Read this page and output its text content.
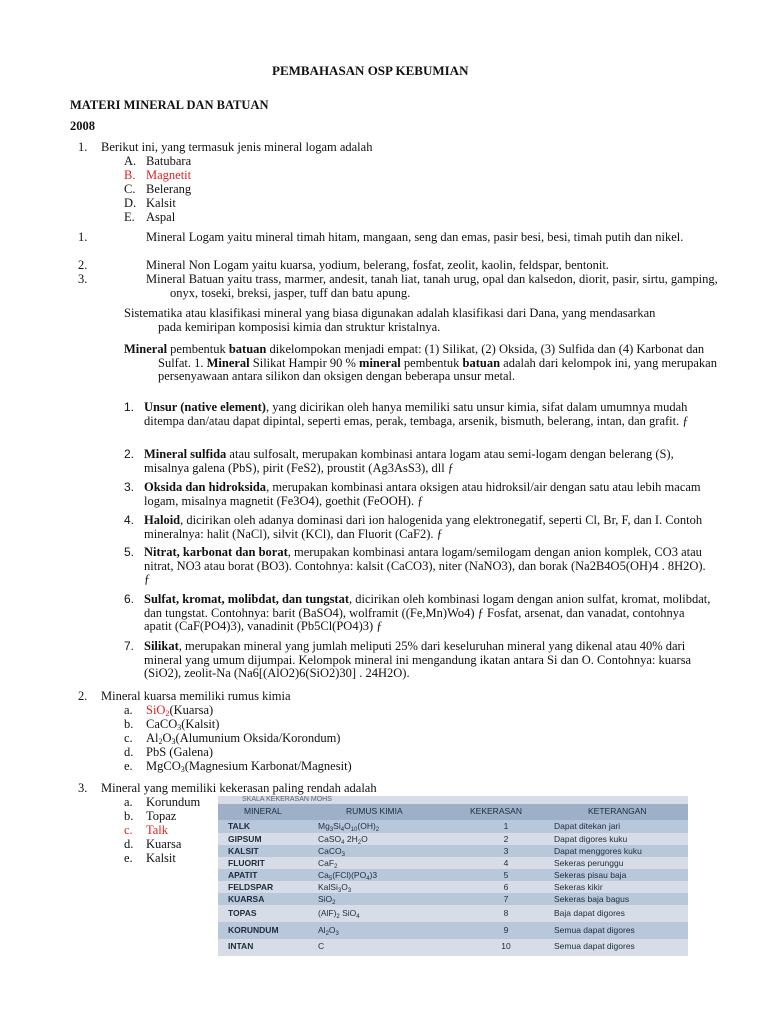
PEMBAHASAN OSP KEBUMIAN
MATERI MINERAL DAN BATUAN
2008
1. Berikut ini, yang termasuk jenis mineral logam adalah
A. Batubara
B. Magnetit
C. Belerang
D. Kalsit
E. Aspal
1.	Mineral Logam yaitu mineral timah hitam, mangaan, seng dan emas, pasir besi, besi, timah putih dan nikel.
2.	Mineral Non Logam yaitu kuarsa, yodium, belerang, fosfat, zeolit, kaolin, feldspar, bentonit.
3.	Mineral Batuan yaitu trass, marmer, andesit, tanah liat, tanah urug, opal dan kalsedon, diorit, pasir, sirtu, gamping, onyx, toseki, breksi, jasper, tuff dan batu apung.
Sistematika atau klasifikasi mineral yang biasa digunakan adalah klasifikasi dari Dana, yang mendasarkan pada kemiripan komposisi kimia dan struktur kristalnya.
Mineral pembentuk batuan dikelompokan menjadi empat: (1) Silikat, (2) Oksida, (3) Sulfida dan (4) Karbonat dan Sulfat. 1. Mineral Silikat Hampir 90 % mineral pembentuk batuan adalah dari kelompok ini, yang merupakan persenyawaan antara silikon dan oksigen dengan beberapa unsur metal.
1. Unsur (native element), yang dicirikan oleh hanya memiliki satu unsur kimia, sifat dalam umumnya mudah ditempa dan/atau dapat dipintal, seperti emas, perak, tembaga, arsenik, bismuth, belerang, intan, dan grafit. ƒ
2. Mineral sulfida atau sulfosalt, merupakan kombinasi antara logam atau semi-logam dengan belerang (S), misalnya galena (PbS), pirit (FeS2), proustit (Ag3AsS3), dll ƒ
3. Oksida dan hidroksida, merupakan kombinasi antara oksigen atau hidroksil/air dengan satu atau lebih macam logam, misalnya magnetit (Fe3O4), goethit (FeOOH). ƒ
4. Haloid, dicirikan oleh adanya dominasi dari ion halogenida yang elektronegatif, seperti Cl, Br, F, dan I. Contoh mineralnya: halit (NaCl), silvit (KCl), dan Fluorit (CaF2). ƒ
5. Nitrat, karbonat dan borat, merupakan kombinasi antara logam/semilogam dengan anion komplek, CO3 atau nitrat, NO3 atau borat (BO3). Contohnya: kalsit (CaCO3), niter (NaNO3), dan borak (Na2B4O5(OH)4 . 8H2O). ƒ
6. Sulfat, kromat, molibdat, dan tungstat, dicirikan oleh kombinasi logam dengan anion sulfat, kromat, molibdat, dan tungstat. Contohnya: barit (BaSO4), wolframit ((Fe,Mn)Wo4) ƒ Fosfat, arsenat, dan vanadat, contohnya apatit (CaF(PO4)3), vanadinit (Pb5Cl(PO4)3) ƒ
7. Silikat, merupakan mineral yang jumlah meliputi 25% dari keseluruhan mineral yang dikenal atau 40% dari mineral yang umum dijumpai. Kelompok mineral ini mengandung ikatan antara Si dan O. Contohnya: kuarsa (SiO2), zeolit-Na (Na6[(AlO2)6(SiO2)30] . 24H2O).
2. Mineral kuarsa memiliki rumus kimia
a. SiO$_2$(Kuarsa)
b. CaCO$_3$(Kalsit)
c. $Al_2O_3(Alumunium$ Oksida/Korondum)
d. PbS (Galena)
e. MgCO$_3$(Magnesium Karbonat/Magnesit)
3. Mineral yang memiliki kekerasan paling rendah adalah
a. Korundum
b. Topaz
c. Talk
d. Kuarsa
e. Kalsit
SKALA KEKERASAN MOHS
MINERAL	RUMUS KIMIA	KEKERASAN	KETERANGAN
TALK	$Mg_3Si_4O_{10}(OH)_2$	1	Dapat ditekan jari
GIPSUM	CaSO$_4$ $2H_2O$	2	Dapat digores kuku
KALSIT	CaCO$_3$	3	Dapat menggores kuku
FLUORIT	CaF$_2$	4	Sekeras perunggu
APATIT	$Ca_5(FCl)(PO_4)3$	5	Sekeras pisau baja
FELDSPAR	$KalSi_3O_3$	6	Sekeras kikir
KUARSA	SiO$_2$	7	Sekeras baja bagus
TOPAS	$(AlF)_2$ SiO$_4$	8	Baja dapat digores
KORUNDUM	$Al_2O_3$	9	Semua dapat digores
INTAN	C	10	Semua dapat digores
